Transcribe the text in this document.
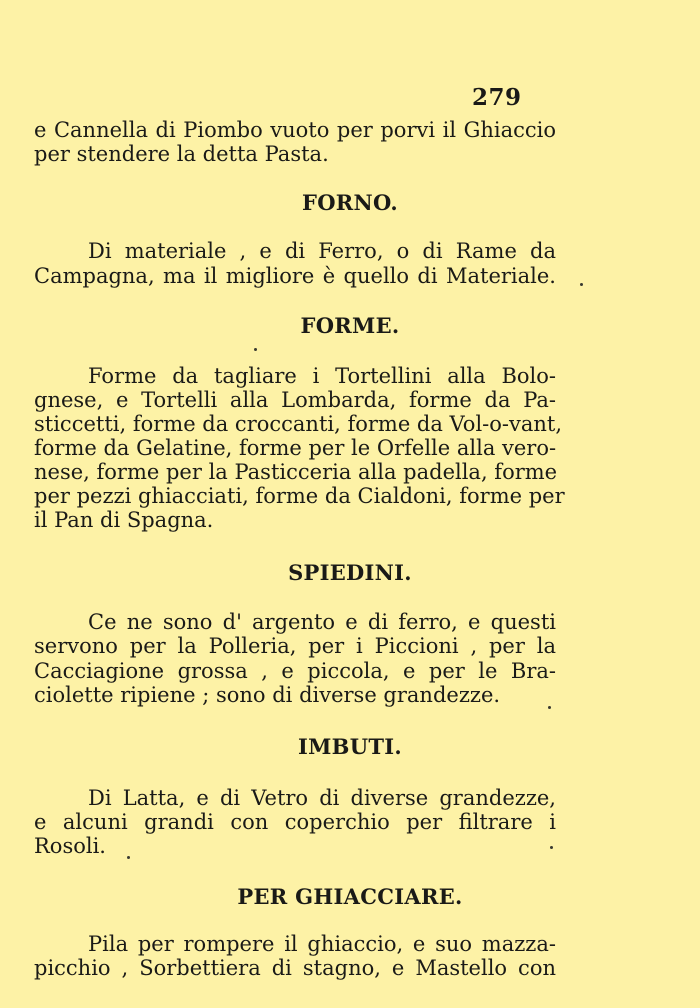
279
e Cannella di Piombo vuoto per porvi il Ghiaccio
per stendere la detta Pasta.
FORNO.
Di materiale , e di Ferro, o di Rame da
Campagna, ma il migliore è quello di Materiale.
FORME.
Forme da tagliare i Tortellini alla Bolo-
gnese, e Tortelli alla Lombarda, forme da Pa-
sticcetti, forme da croccanti, forme da Vol-o-vant,
forme da Gelatine, forme per le Orfelle alla vero-
nese, forme per la Pasticceria alla padella, forme
per pezzi ghiacciati, forme da Cialdoni, forme per
il Pan di Spagna.
SPIEDINI.
Ce ne sono d' argento e di ferro, e questi
servono per la Polleria, per i Piccioni , per la
Cacciagione grossa , e piccola, e per le Bra-
ciolette ripiene ; sono di diverse grandezze.
IMBUTI.
Di Latta, e di Vetro di diverse grandezze,
e alcuni grandi con coperchio per filtrare i
Rosoli.
PER GHIACCIARE.
Pila per rompere il ghiaccio, e suo mazza-
picchio , Sorbettiera di stagno, e Mastello con
